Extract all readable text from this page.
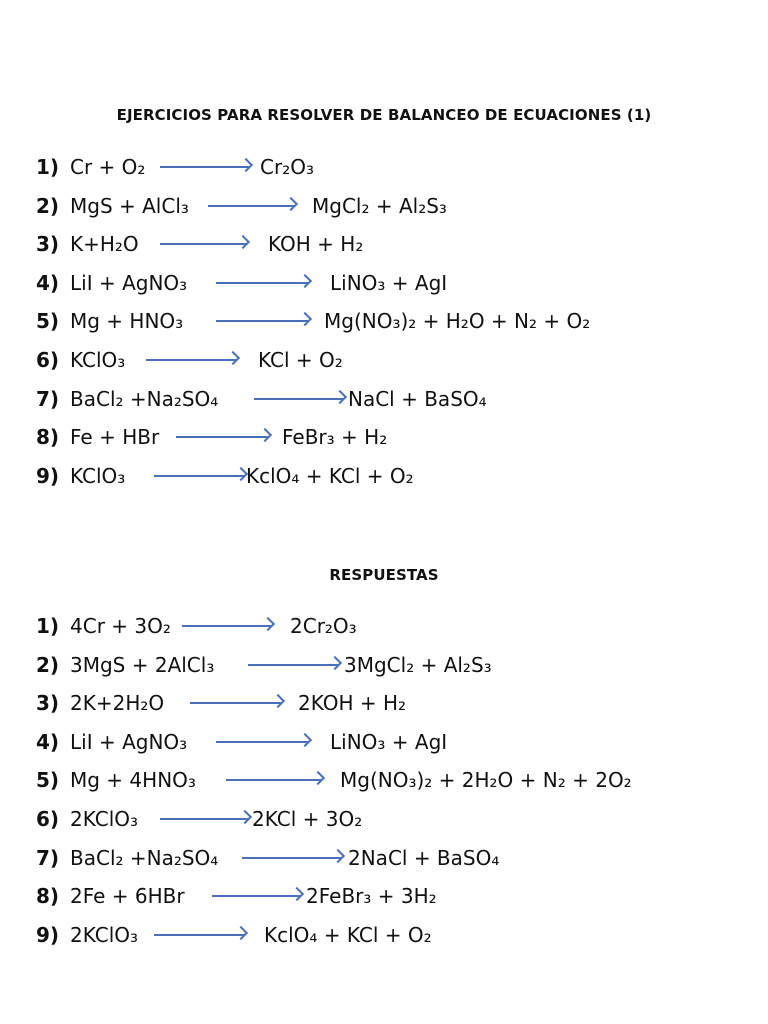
EJERCICIOS PARA RESOLVER DE BALANCEO DE ECUACIONES (1)
1) Cr + O₂	Cr₂O₃
2) MgS + AlCl₃	MgCl₂ + Al₂S₃
3) K+H₂O	KOH + H₂
4) LiI + AgNO₃	LiNO₃ + AgI
5) Mg + HNO₃	Mg(NO₃)₂ + H₂O + N₂ + O₂
6) KClO₃	KCl + O₂
7) BaCl₂ +Na₂SO₄	NaCl + BaSO₄
8) Fe + HBr	FeBr₃ + H₂
9) KClO₃	KclO₄ + KCl + O₂
RESPUESTAS
1) 4Cr + 3O₂	2Cr₂O₃
2) 3MgS + 2AlCl₃	3MgCl₂ + Al₂S₃
3) 2K+2H₂O	2KOH + H₂
4) LiI + AgNO₃	LiNO₃ + AgI
5) Mg + 4HNO₃	Mg(NO₃)₂ + 2H₂O + N₂ + 2O₂
6) 2KClO₃	2KCl + 3O₂
7) BaCl₂ +Na₂SO₄	2NaCl + BaSO₄
8) 2Fe + 6HBr	2FeBr₃ + 3H₂
9) 2KClO₃	KclO₄ + KCl + O₂
